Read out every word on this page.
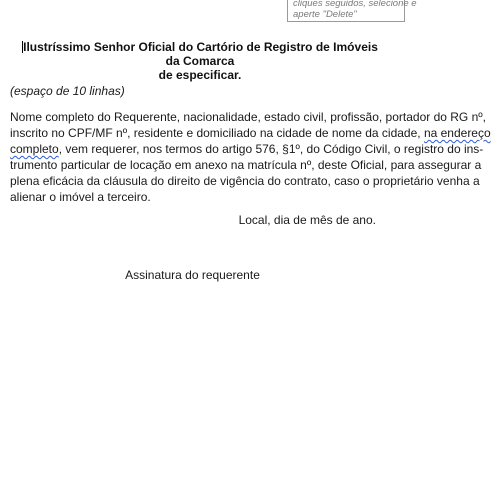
cliques seguidos, selecione e
aperte "Delete"
Ilustríssimo Senhor Oficial do Cartório de Registro de Imóveis da Comarca
de especificar.
(espaço de 10 linhas)
Nome completo do Requerente, nacionalidade, estado civil, profissão, portador do RG nº,
inscrito no CPF/MF nº, residente e domiciliado na cidade de nome da cidade, na endereço
completo, vem requerer, nos termos do artigo 576, §1º, do Código Civil, o registro do ins-
trumento particular de locação em anexo na matrícula nº, deste Oficial, para assegurar a
plena eficácia da cláusula do direito de vigência do contrato, caso o proprietário venha a
alienar o imóvel a terceiro.
Local, dia de mês de ano.
Assinatura do requerente
